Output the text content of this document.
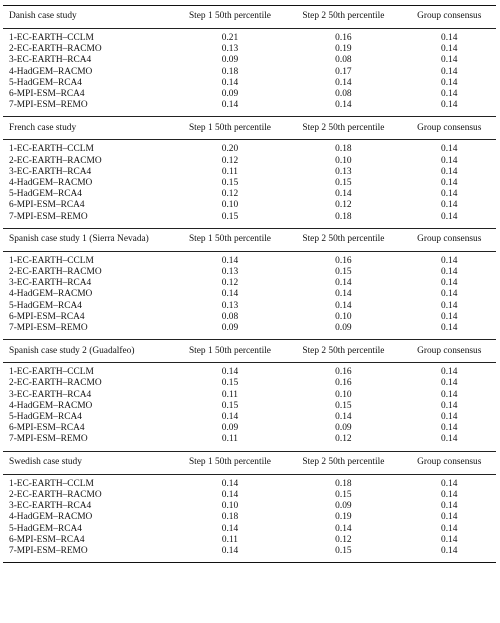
Danish case study	Step 1 50th percentile	Step 2 50th percentile	Group consensus
1-EC-EARTH–CCLM	0.21	0.16	0.14
2-EC-EARTH–RACMO	0.13	0.19	0.14
3-EC-EARTH–RCA4	0.09	0.08	0.14
4-HadGEM–RACMO	0.18	0.17	0.14
5-HadGEM–RCA4	0.14	0.14	0.14
6-MPI-ESM–RCA4	0.09	0.08	0.14
7-MPI-ESM–REMO	0.14	0.14	0.14
French case study	Step 1 50th percentile	Step 2 50th percentile	Group consensus
1-EC-EARTH–CCLM	0.20	0.18	0.14
2-EC-EARTH–RACMO	0.12	0.10	0.14
3-EC-EARTH–RCA4	0.11	0.13	0.14
4-HadGEM–RACMO	0.15	0.15	0.14
5-HadGEM–RCA4	0.12	0.14	0.14
6-MPI-ESM–RCA4	0.10	0.12	0.14
7-MPI-ESM–REMO	0.15	0.18	0.14
Spanish case study 1 (Sierra Nevada)	Step 1 50th percentile	Step 2 50th percentile	Group consensus
1-EC-EARTH–CCLM	0.14	0.16	0.14
2-EC-EARTH–RACMO	0.13	0.15	0.14
3-EC-EARTH–RCA4	0.12	0.14	0.14
4-HadGEM–RACMO	0.14	0.14	0.14
5-HadGEM–RCA4	0.13	0.14	0.14
6-MPI-ESM–RCA4	0.08	0.10	0.14
7-MPI-ESM–REMO	0.09	0.09	0.14
Spanish case study 2 (Guadalfeo)	Step 1 50th percentile	Step 2 50th percentile	Group consensus
1-EC-EARTH–CCLM	0.14	0.16	0.14
2-EC-EARTH–RACMO	0.15	0.16	0.14
3-EC-EARTH–RCA4	0.11	0.10	0.14
4-HadGEM–RACMO	0.15	0.15	0.14
5-HadGEM–RCA4	0.14	0.14	0.14
6-MPI-ESM–RCA4	0.09	0.09	0.14
7-MPI-ESM–REMO	0.11	0.12	0.14
Swedish case study	Step 1 50th percentile	Step 2 50th percentile	Group consensus
1-EC-EARTH–CCLM	0.14	0.18	0.14
2-EC-EARTH–RACMO	0.14	0.15	0.14
3-EC-EARTH–RCA4	0.10	0.09	0.14
4-HadGEM–RACMO	0.18	0.19	0.14
5-HadGEM–RCA4	0.14	0.14	0.14
6-MPI-ESM–RCA4	0.11	0.12	0.14
7-MPI-ESM–REMO	0.14	0.15	0.14
